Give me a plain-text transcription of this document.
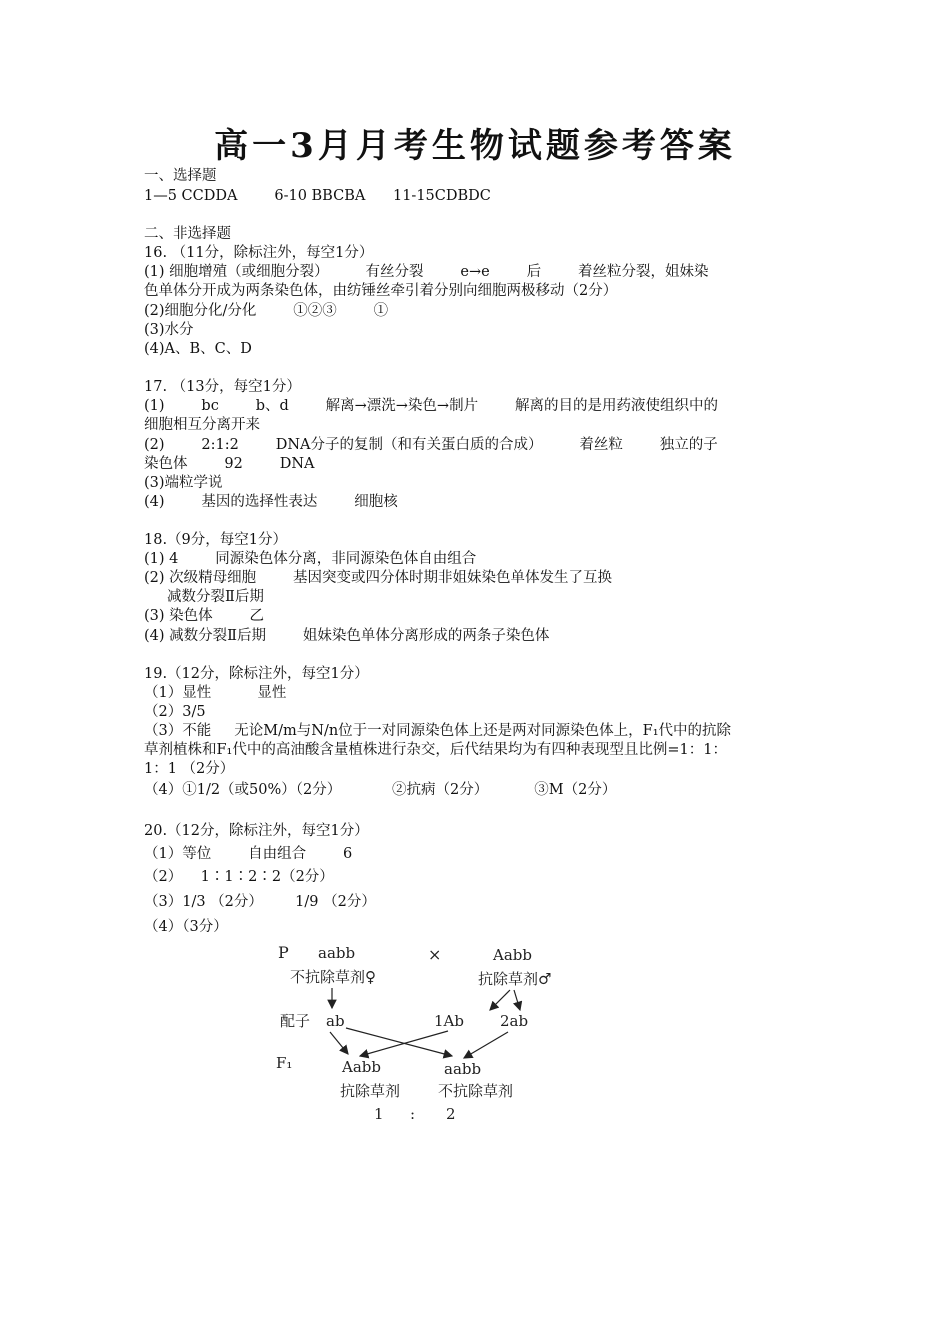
高一3月月考生物试题参考答案
一、选择题
1—5 CCDDA        6-10 BBCBA      11-15CDBDC
二、非选择题
16. （11分，除标注外，每空1分）
(1) 细胞增殖（或细胞分裂）        有丝分裂        e→e        后        着丝粒分裂，姐妹染
色单体分开成为两条染色体，由纺锤丝牵引着分别向细胞两极移动（2分）
(2)细胞分化/分化        ①②③        ①
(3)水分
(4)A、B、C、D
17. （13分，每空1分）
(1)        bc        b、d        解离→漂洗→染色→制片        解离的目的是用药液使组织中的
细胞相互分离开来
(2)        2:1:2        DNA分子的复制（和有关蛋白质的合成）        着丝粒        独立的子
染色体        92        DNA
(3)端粒学说
(4)        基因的选择性表达        细胞核
18.（9分，每空1分）
(1) 4        同源染色体分离，非同源染色体自由组合
(2) 次级精母细胞        基因突变或四分体时期非姐妹染色单体发生了互换
减数分裂Ⅱ后期
(3) 染色体        乙
(4) 减数分裂Ⅱ后期        姐妹染色单体分离形成的两条子染色体
19.（12分，除标注外，每空1分）
（1）显性          显性
（2）3/5
（3）不能     无论M/m与N/n位于一对同源染色体上还是两对同源染色体上，F₁代中的抗除
草剂植株和F₁代中的高油酸含量植株进行杂交，后代结果均为有四种表现型且比例=1：1：
1：1 （2分）
（4）①1/2（或50%）（2分）           ②抗病（2分）          ③M（2分）
20.（12分，除标注外，每空1分）
（1）等位        自由组合        6
（2）    1∶1∶2∶2（2分）
（3）1/3 （2分）       1/9 （2分）
（4）（3分）
P aabb	×	Aabb
不抗除草剂♀	抗除草剂♂
配子 ab	1Ab 2ab
F₁	Aabb	aabb
抗除草剂	不抗除草剂
1 : 2
